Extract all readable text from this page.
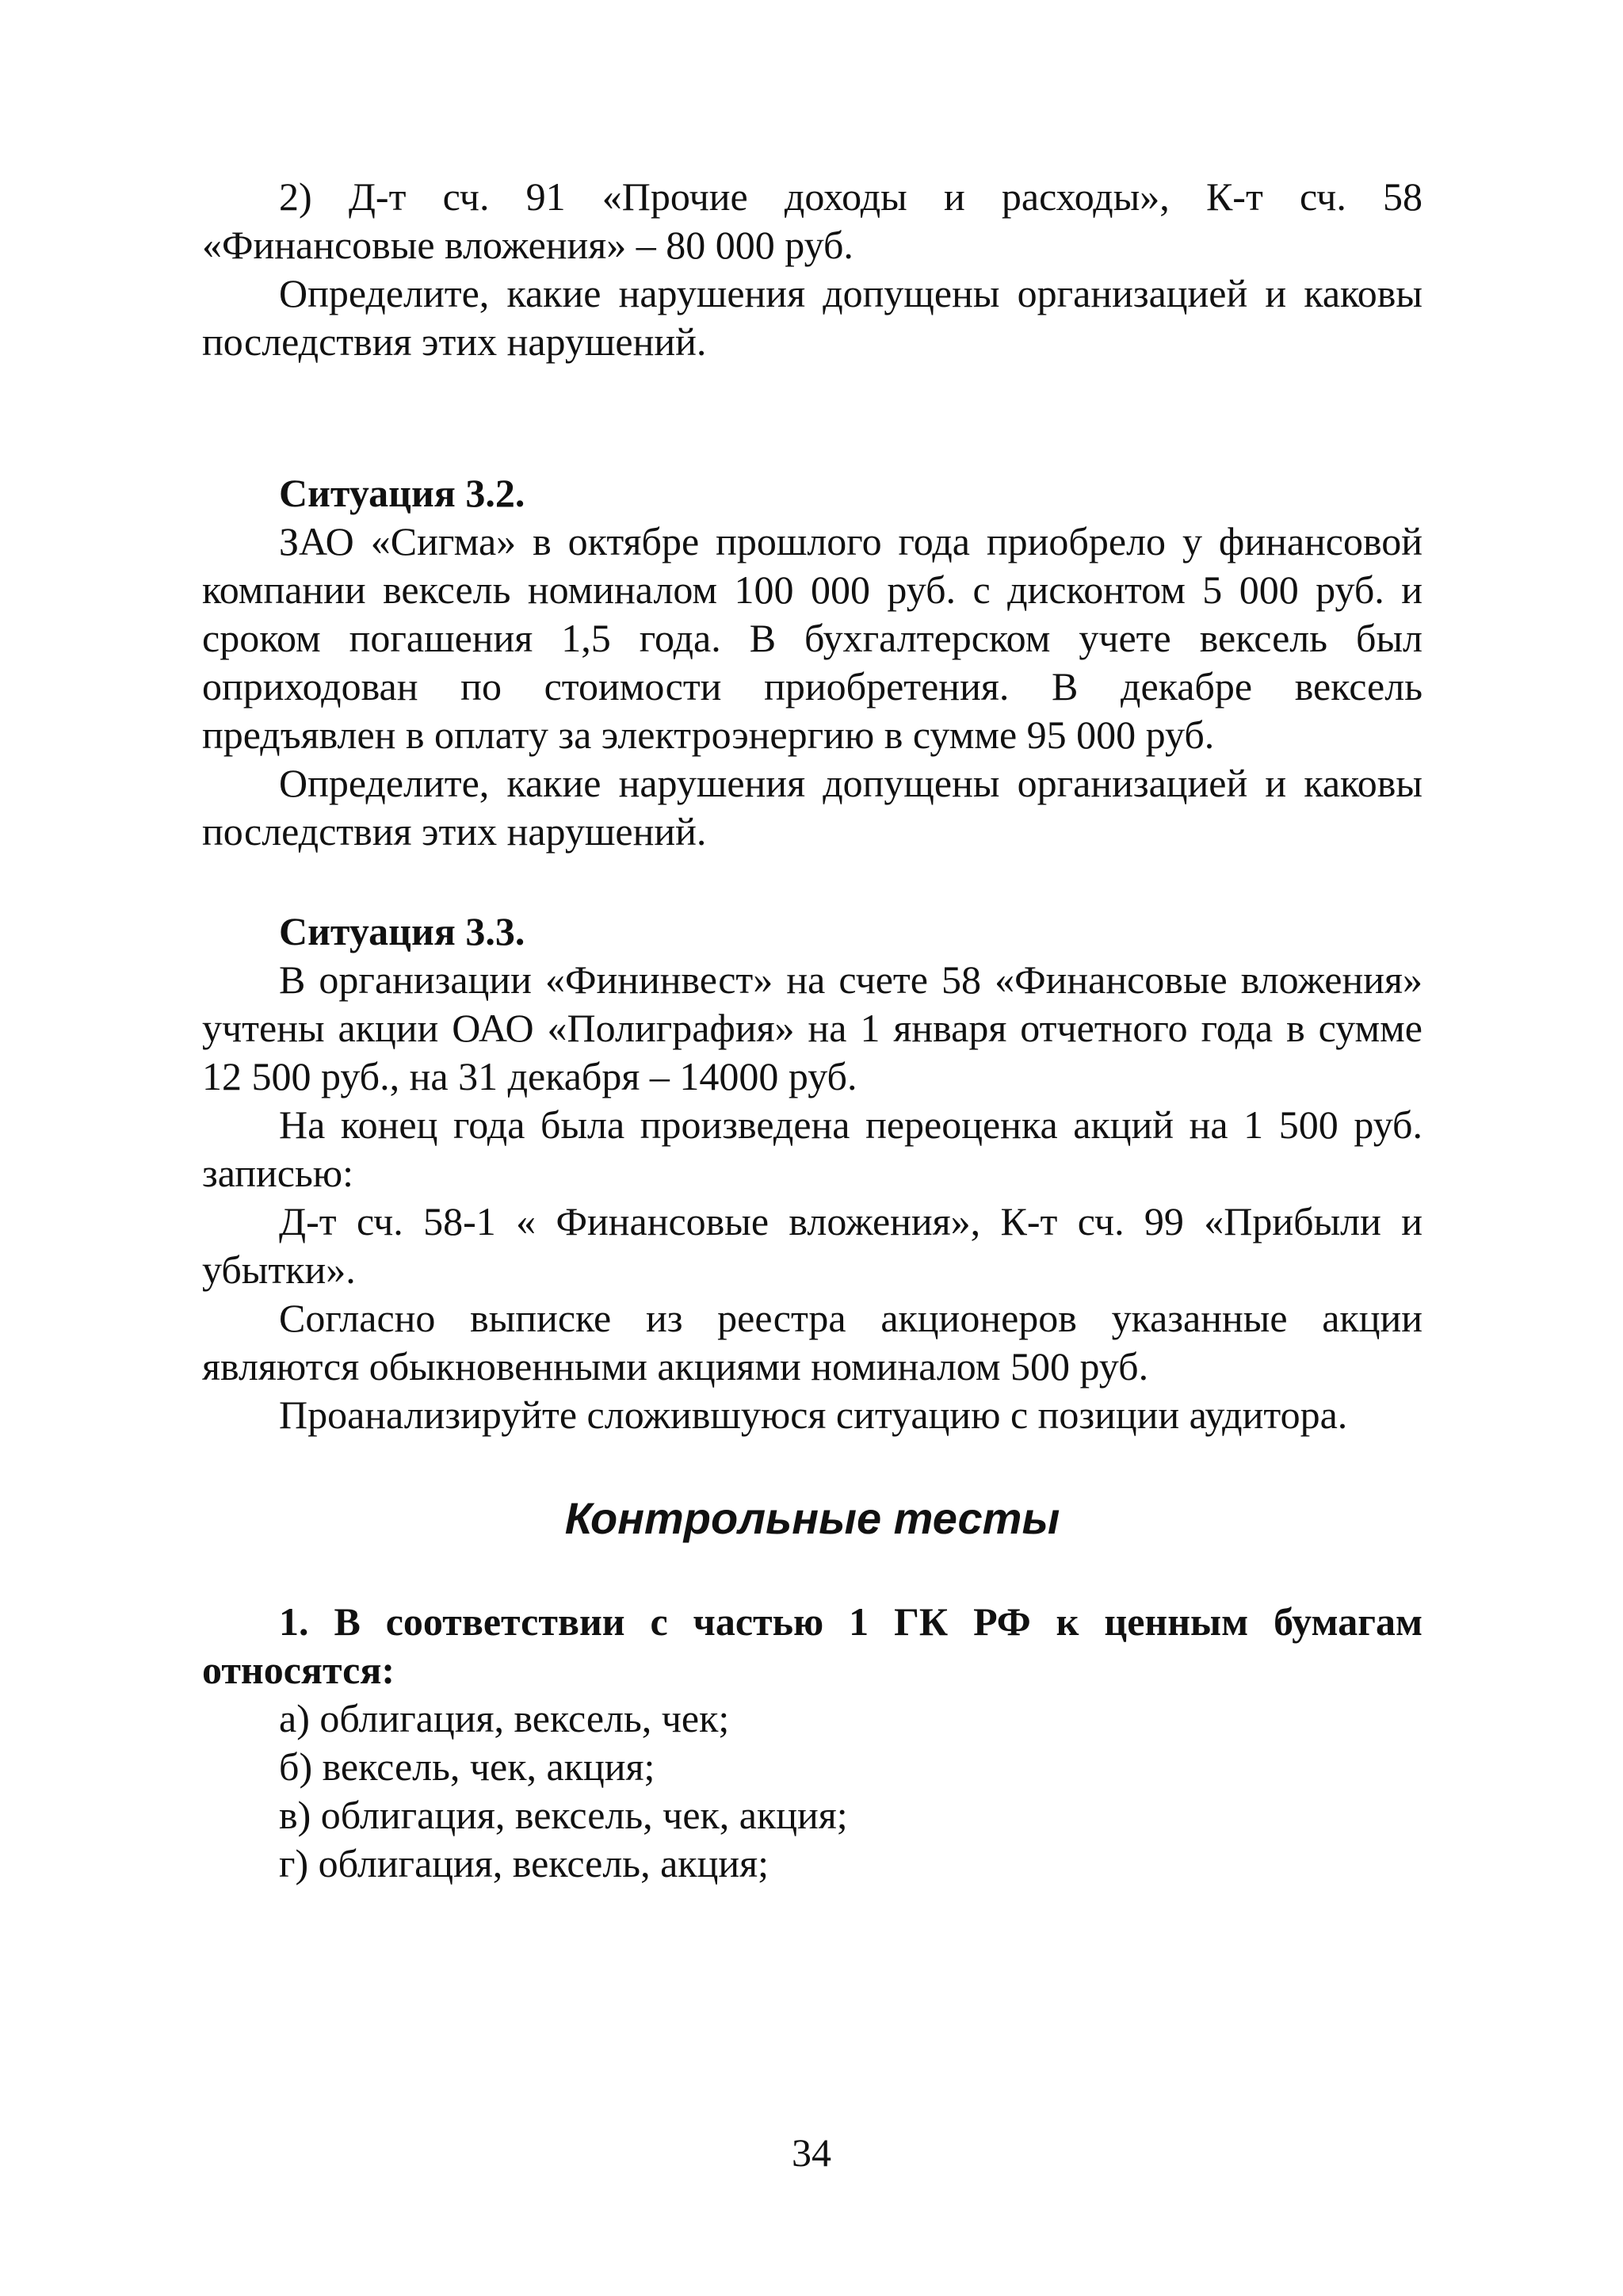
2) Д-т сч. 91 «Прочие доходы и расходы», К-т сч. 58

«Финансовые вложения» – 80 000 руб.

Определите, какие нарушения допущены организацией и каковы последствия этих нарушений.

Ситуация 3.2.

ЗАО «Сигма» в октябре прошлого года приобрело у финансовой компании вексель номиналом 100 000 руб. с дисконтом 5 000 руб. и сроком погашения 1,5 года. В бухгалтерском учете вексель был оприходован по стоимости приобретения. В декабре вексель предъявлен в оплату за электроэнергию в сумме 95 000 руб.

Определите, какие нарушения допущены организацией и каковы последствия этих нарушений.

Ситуация 3.3.

В организации «Фининвест» на счете 58 «Финансовые вложения» учтены акции ОАО «Полиграфия» на 1 января отчетного года в сумме 12 500 руб., на 31 декабря – 14000 руб.

На конец года была произведена переоценка акций на 1 500 руб. записью:

Д-т сч. 58-1 « Финансовые вложения», К-т сч. 99 «Прибыли и убытки».

Согласно выписке из реестра акционеров указанные акции являются обыкновенными акциями номиналом 500 руб.

Проанализируйте сложившуюся ситуацию с позиции аудитора.

Контрольные тесты

1. В соответствии с частью 1 ГК РФ к ценным бумагам относятся:

а) облигация, вексель, чек;

б) вексель, чек, акция;

в) облигация, вексель, чек, акция;

г) облигация, вексель, акция;

34
